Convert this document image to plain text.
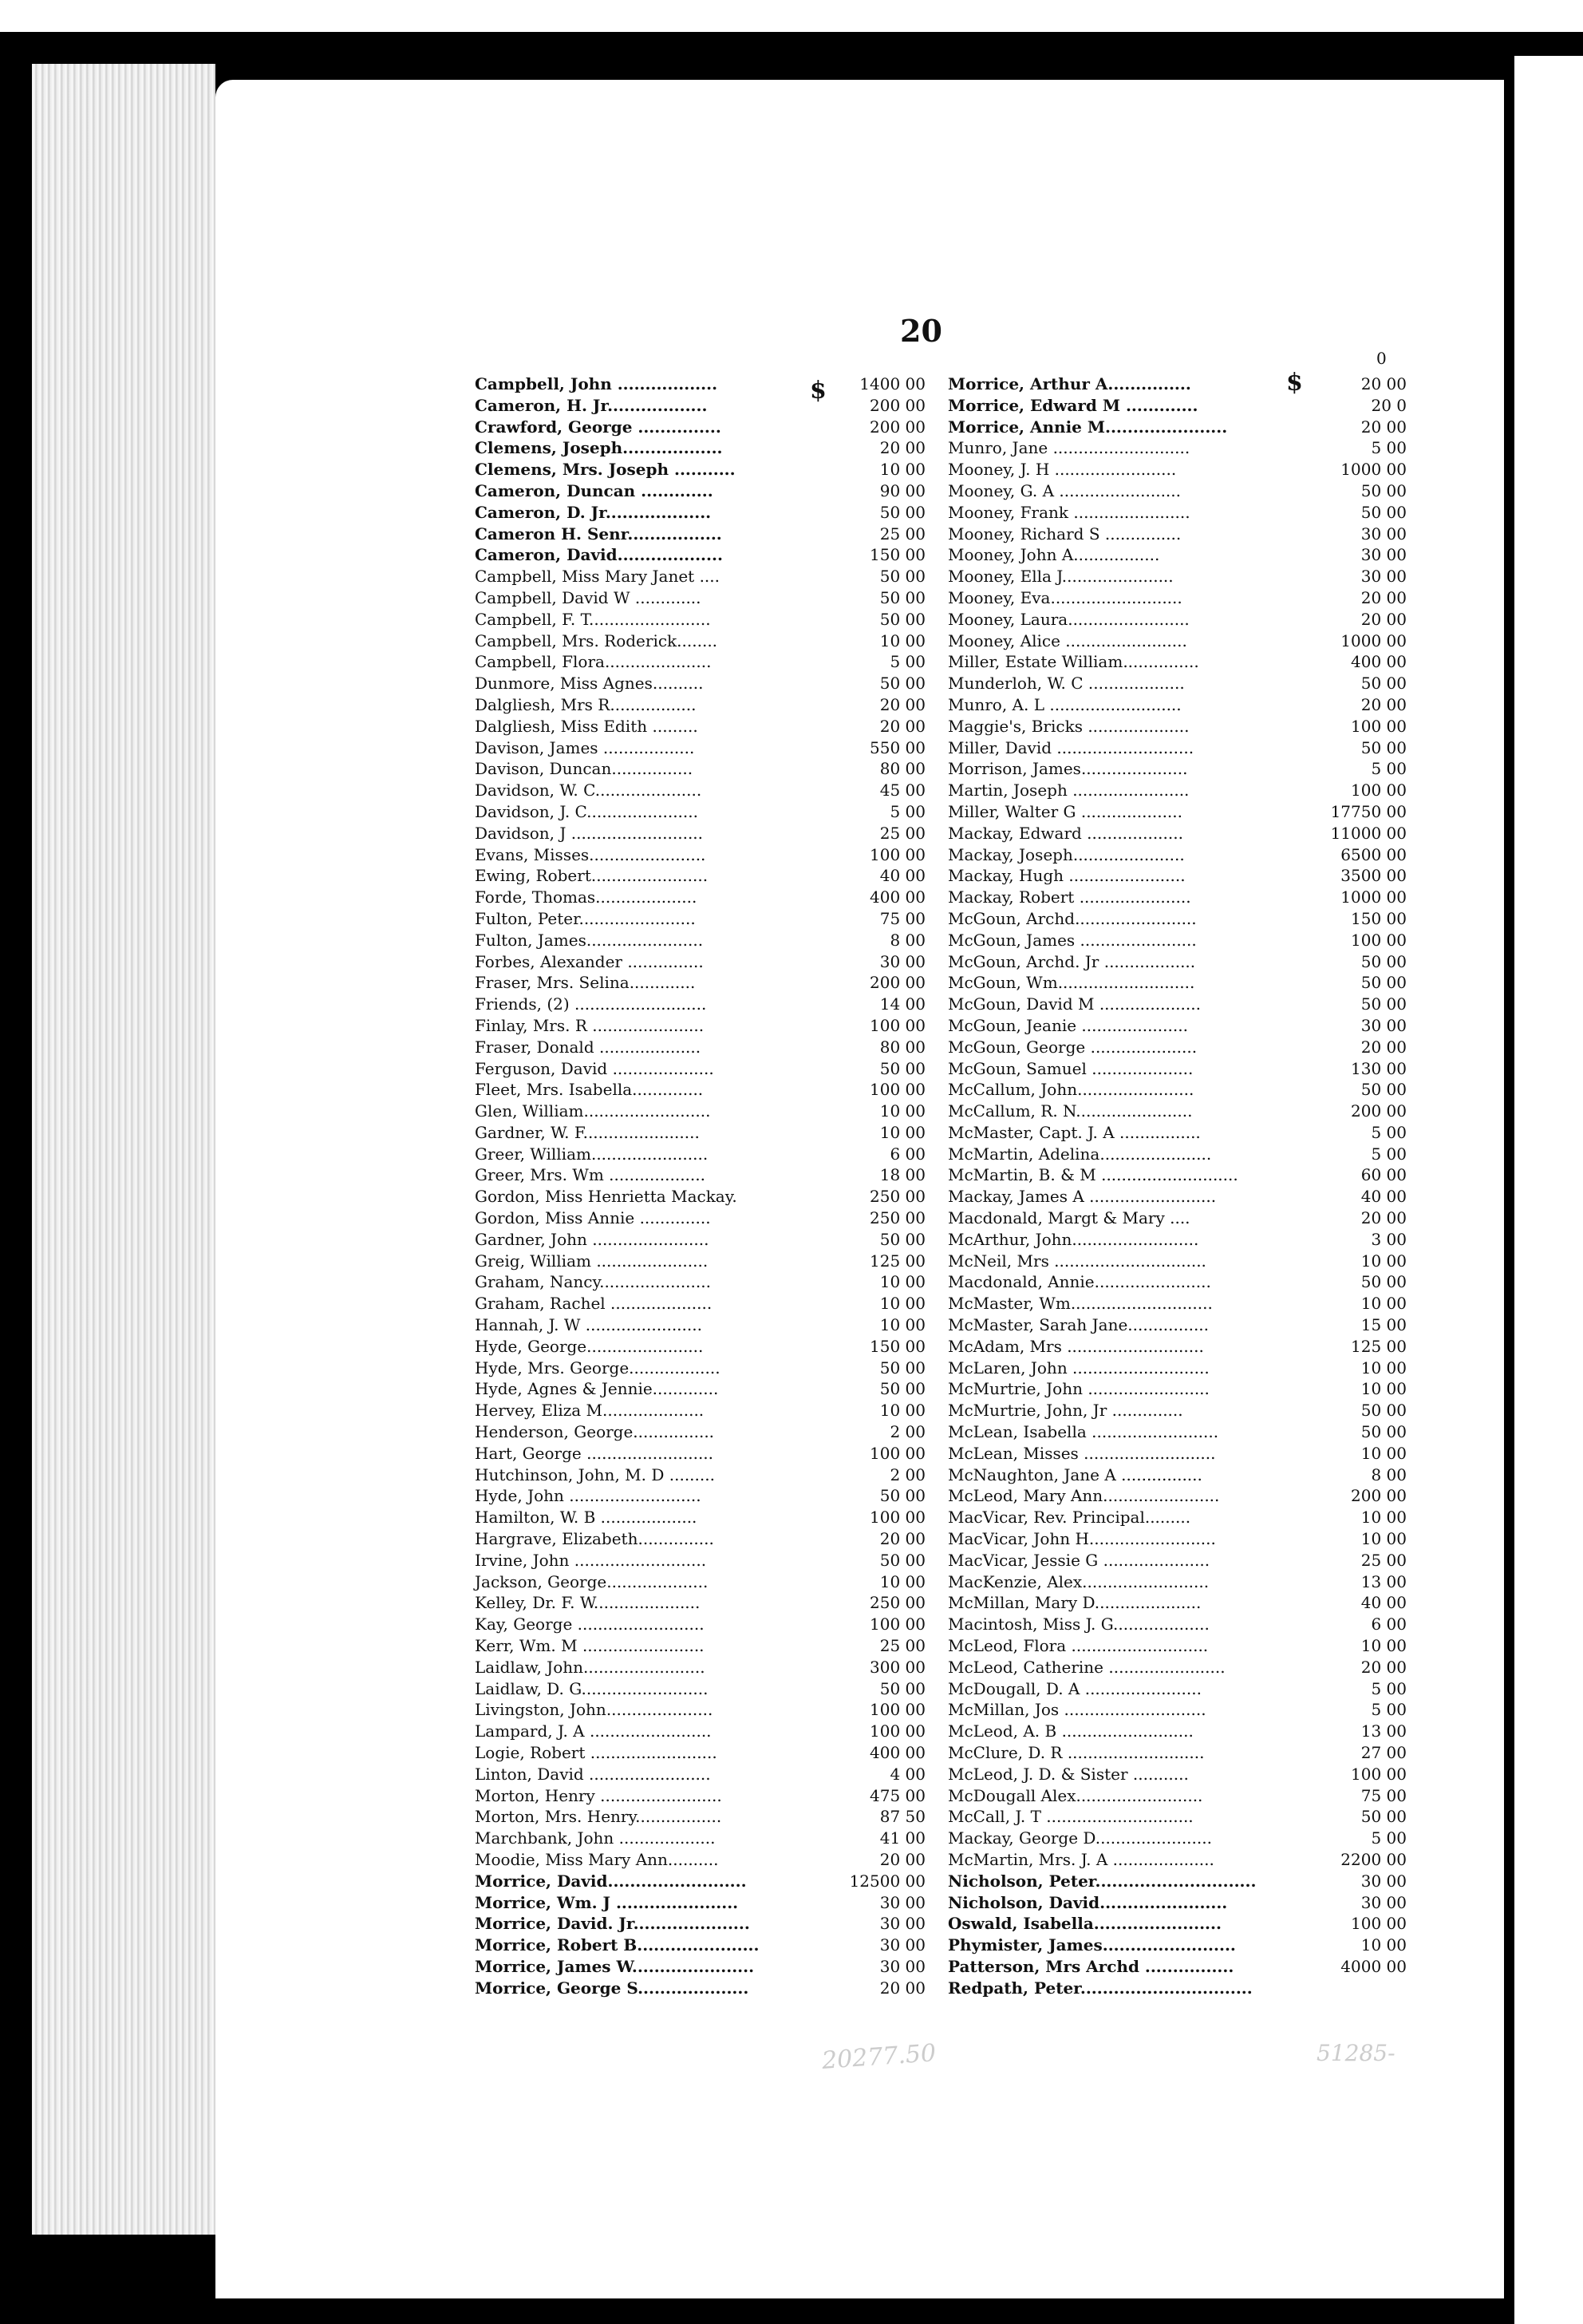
20
0
$	$
Campbell, John ..................	1400 00
Cameron, H. Jr..................	200 00
Crawford, George ...............	200 00
Clemens, Joseph..................	20 00
Clemens, Mrs. Joseph ...........	10 00
Cameron, Duncan .............	90 00
Cameron, D. Jr...................	50 00
Cameron H. Senr.................	25 00
Cameron, David...................	150 00
Campbell, Miss Mary Janet ....	50 00
Campbell, David W .............	50 00
Campbell, F. T........................	50 00
Campbell, Mrs. Roderick........	10 00
Campbell, Flora.....................	5 00
Dunmore, Miss Agnes..........	50 00
Dalgliesh, Mrs R.................	20 00
Dalgliesh, Miss Edith .........	20 00
Davison, James ..................	550 00
Davison, Duncan................	80 00
Davidson, W. C.....................	45 00
Davidson, J. C......................	5 00
Davidson, J ..........................	25 00
Evans, Misses.......................	100 00
Ewing, Robert.......................	40 00
Forde, Thomas....................	400 00
Fulton, Peter.......................	75 00
Fulton, James.......................	8 00
Forbes, Alexander ...............	30 00
Fraser, Mrs. Selina.............	200 00
Friends, (2) ..........................	14 00
Finlay, Mrs. R ......................	100 00
Fraser, Donald ....................	80 00
Ferguson, David ....................	50 00
Fleet, Mrs. Isabella..............	100 00
Glen, William.........................	10 00
Gardner, W. F.......................	10 00
Greer, William.......................	6 00
Greer, Mrs. Wm ...................	18 00
Gordon, Miss Henrietta Mackay.	250 00
Gordon, Miss Annie ..............	250 00
Gardner, John .......................	50 00
Greig, William ......................	125 00
Graham, Nancy......................	10 00
Graham, Rachel ....................	10 00
Hannah, J. W .......................	10 00
Hyde, George.......................	150 00
Hyde, Mrs. George..................	50 00
Hyde, Agnes & Jennie.............	50 00
Hervey, Eliza M....................	10 00
Henderson, George................	2 00
Hart, George .........................	100 00
Hutchinson, John, M. D .........	2 00
Hyde, John ..........................	50 00
Hamilton, W. B ...................	100 00
Hargrave, Elizabeth...............	20 00
Irvine, John ..........................	50 00
Jackson, George....................	10 00
Kelley, Dr. F. W.....................	250 00
Kay, George .........................	100 00
Kerr, Wm. M ........................	25 00
Laidlaw, John........................	300 00
Laidlaw, D. G.........................	50 00
Livingston, John.....................	100 00
Lampard, J. A ........................	100 00
Logie, Robert .........................	400 00
Linton, David ........................	4 00
Morton, Henry ........................	475 00
Morton, Mrs. Henry.................	87 50
Marchbank, John ...................	41 00
Moodie, Miss Mary Ann..........	20 00
Morrice, David.........................	12500 00
Morrice, Wm. J ......................	30 00
Morrice, David. Jr.....................	30 00
Morrice, Robert B......................	30 00
Morrice, James W......................	30 00
Morrice, George S....................	20 00
Morrice, Arthur A...............	20 00
Morrice, Edward M .............	20 0
Morrice, Annie M......................	20 00
Munro, Jane ...........................	5 00
Mooney, J. H ........................	1000 00
Mooney, G. A ........................	50 00
Mooney, Frank .......................	50 00
Mooney, Richard S ...............	30 00
Mooney, John A.................	30 00
Mooney, Ella J......................	30 00
Mooney, Eva..........................	20 00
Mooney, Laura........................	20 00
Mooney, Alice ........................	1000 00
Miller, Estate William...............	400 00
Munderloh, W. C ...................	50 00
Munro, A. L ..........................	20 00
Maggie's, Bricks ....................	100 00
Miller, David ...........................	50 00
Morrison, James.....................	5 00
Martin, Joseph .......................	100 00
Miller, Walter G ....................	17750 00
Mackay, Edward ...................	11000 00
Mackay, Joseph......................	6500 00
Mackay, Hugh .......................	3500 00
Mackay, Robert ......................	1000 00
McGoun, Archd........................	150 00
McGoun, James .......................	100 00
McGoun, Archd. Jr ..................	50 00
McGoun, Wm...........................	50 00
McGoun, David M ....................	50 00
McGoun, Jeanie .....................	30 00
McGoun, George .....................	20 00
McGoun, Samuel ....................	130 00
McCallum, John.......................	50 00
McCallum, R. N.......................	200 00
McMaster, Capt. J. A ................	5 00
McMartin, Adelina......................	5 00
McMartin, B. & M ...........................	60 00
Mackay, James A .........................	40 00
Macdonald, Margt & Mary ....	20 00
McArthur, John.........................	3 00
McNeil, Mrs ..............................	10 00
Macdonald, Annie.......................	50 00
McMaster, Wm............................	10 00
McMaster, Sarah Jane................	15 00
McAdam, Mrs ...........................	125 00
McLaren, John ...........................	10 00
McMurtrie, John ........................	10 00
McMurtrie, John, Jr ..............	50 00
McLean, Isabella .........................	50 00
McLean, Misses ..........................	10 00
McNaughton, Jane A ................	8 00
McLeod, Mary Ann.......................	200 00
MacVicar, Rev. Principal.........	10 00
MacVicar, John H.........................	10 00
MacVicar, Jessie G .....................	25 00
MacKenzie, Alex.........................	13 00
McMillan, Mary D.....................	40 00
Macintosh, Miss J. G...................	6 00
McLeod, Flora ...........................	10 00
McLeod, Catherine .......................	20 00
McDougall, D. A .......................	5 00
McMillan, Jos ............................	5 00
McLeod, A. B ..........................	13 00
McClure, D. R ...........................	27 00
McLeod, J. D. & Sister ...........	100 00
McDougall Alex.........................	75 00
McCall, J. T .............................	50 00
Mackay, George D.......................	5 00
McMartin, Mrs. J. A ....................	2200 00
Nicholson, Peter.............................	30 00
Nicholson, David.......................	30 00
Oswald, Isabella.......................	100 00
Phymister, James........................	10 00
Patterson, Mrs Archd ................	4000 00
Redpath, Peter...............................
20277.50	51285-
